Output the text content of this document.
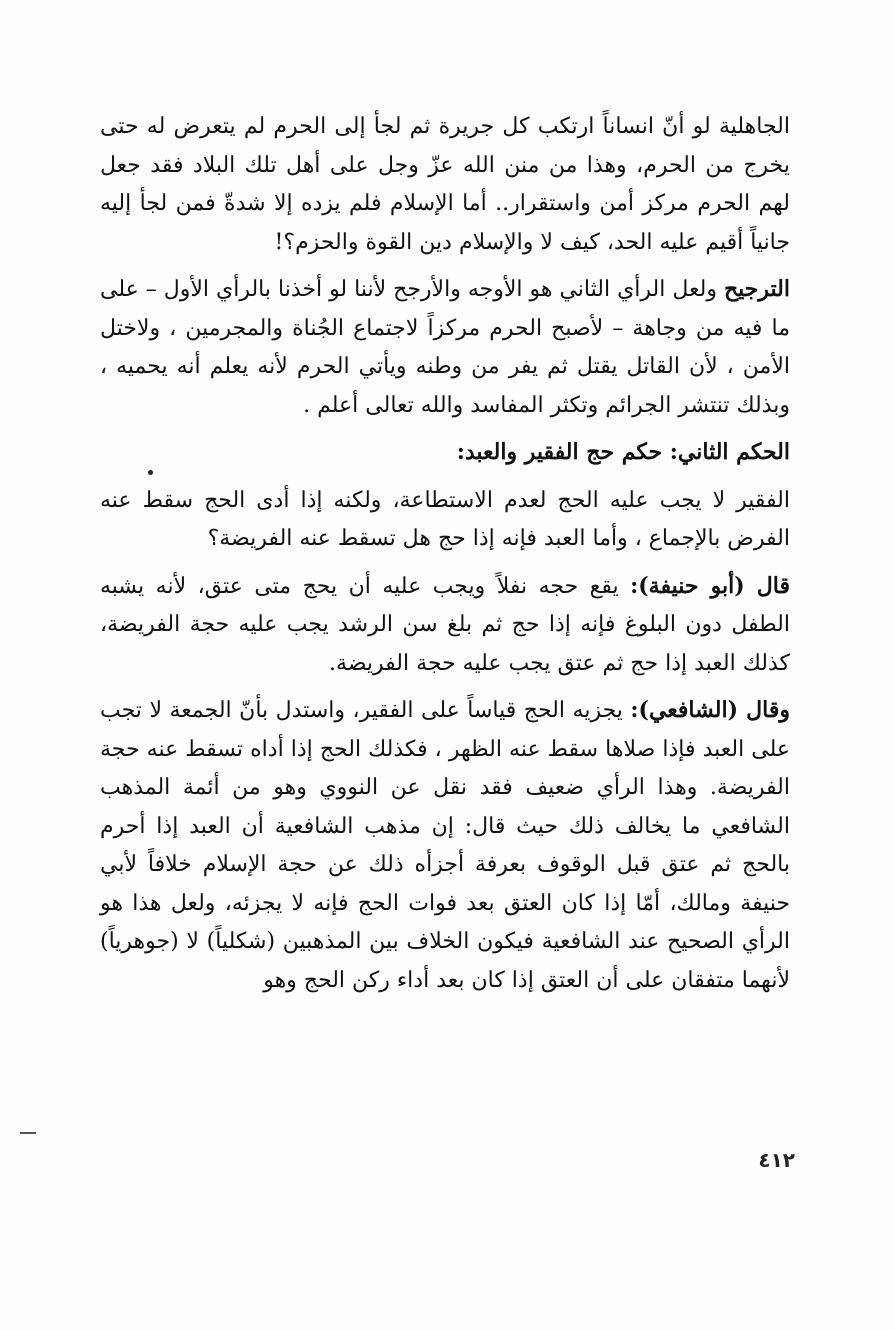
الجاهلية لو أنّ انساناً ارتكب كل جريرة ثم لجأ إلى الحرم لم يتعرض له حتى يخرج من الحرم، وهذا من منن الله عزّ وجل على أهل تلك البلاد فقد جعل لهم الحرم مركز أمن واستقرار.. أما الإسلام فلم يزده إلا شدةّ فمن لجأ إليه جانياً أقيم عليه الحد، كيف لا والإسلام دين القوة والحزم؟!
الترجيح ولعل الرأي الثاني هو الأوجه والأرجح لأننا لو أخذنا بالرأي الأول – على ما فيه من وجاهة – لأصبح الحرم مركزاً لاجتماع الجُناة والمجرمين ، ولاختل الأمن ، لأن القاتل يقتل ثم يفر من وطنه ويأتي الحرم لأنه يعلم أنه يحميه ، وبذلك تنتشر الجرائم وتكثر المفاسد والله تعالى أعلم .
الحكم الثاني: حكم حج الفقير والعبد:
الفقير لا يجب عليه الحج لعدم الاستطاعة، ولكنه إذا أدى الحج سقط عنه الفرض بالإجماع ، وأما العبد فإنه إذا حج هل تسقط عنه الفريضة؟
قال (أبو حنيفة): يقع حجه نفلاً ويجب عليه أن يحج متى عتق، لأنه يشبه الطفل دون البلوغ فإنه إذا حج ثم بلغ سن الرشد يجب عليه حجة الفريضة، كذلك العبد إذا حج ثم عتق يجب عليه حجة الفريضة.
وقال (الشافعي): يجزيه الحج قياساً على الفقير، واستدل بأنّ الجمعة لا تجب على العبد فإذا صلاها سقط عنه الظهر ، فكذلك الحج إذا أداه تسقط عنه حجة الفريضة. وهذا الرأي ضعيف فقد نقل عن النووي وهو من أئمة المذهب الشافعي ما يخالف ذلك حيث قال: إن مذهب الشافعية أن العبد إذا أحرم بالحج ثم عتق قبل الوقوف بعرفة أجزأه ذلك عن حجة الإسلام خلافاً لأبي حنيفة ومالك، أمّا إذا كان العتق بعد فوات الحج فإنه لا يجزئه، ولعل هذا هو الرأي الصحيح عند الشافعية فيكون الخلاف بين المذهبين (شكلياً) لا (جوهرياً) لأنهما متفقان على أن العتق إذا كان بعد أداء ركن الحج وهو
٤١٢
